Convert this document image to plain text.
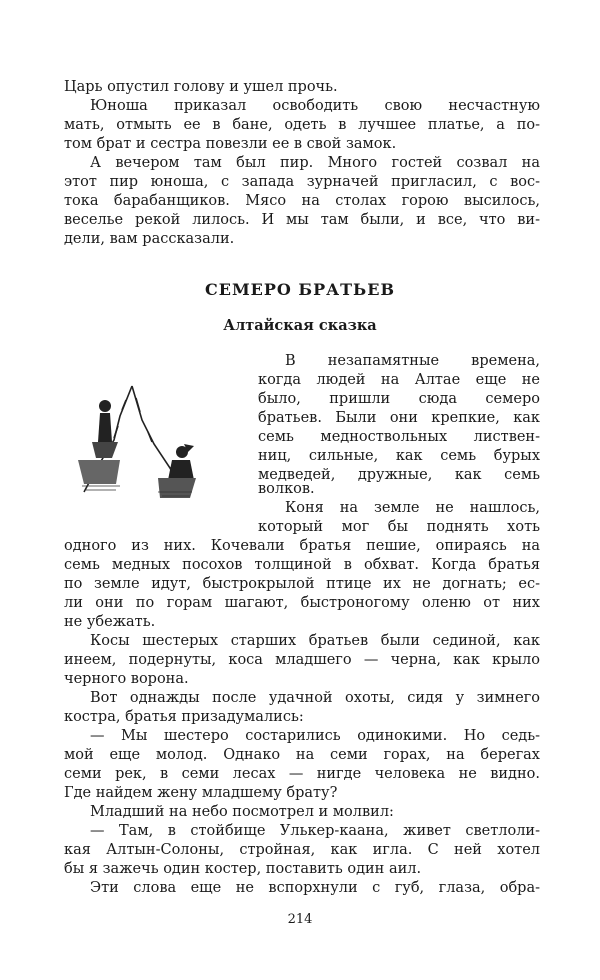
Царь опустил голову и ушел прочь.
Юноша приказал освободить свою несчастную
мать, отмыть ее в бане, одеть в лучшее платье, а по-
том брат и сестра повезли ее в свой замок.
А вечером там был пир. Много гостей созвал на
этот пир юноша, с запада зурначей пригласил, с вос-
тока барабанщиков. Мясо на столах горою высилось,
веселье рекой лилось. И мы там были, и все, что ви-
дели, вам рассказали.
СЕМЕРО БРАТЬЕВ
Алтайская сказка
В незапамятные времена,
когда людей на Алтае еще не
было, пришли сюда семеро
братьев. Были они крепкие, как
семь медноствольных листвен-
ниц, сильные, как семь бурых
медведей, дружные, как семь
волков.
Коня на земле не нашлось,
который мог бы поднять хоть
одного из них. Кочевали братья пешие, опираясь на
семь медных посохов толщиной в обхват. Когда братья
по земле идут, быстрокрылой птице их не догнать; ес-
ли они по горам шагают, быстроногому оленю от них
не убежать.
Косы шестерых старших братьев были сединой, как
инеем, подернуты, коса младшего — черна, как крыло
черного ворона.
Вот однажды после удачной охоты, сидя у зимнего
костра, братья призадумались:
— Мы шестеро состарились одинокими. Но седь-
мой еще молод. Однако на семи горах, на берегах
семи рек, в семи лесах — нигде человека не видно.
Где найдем жену младшему брату?
Младший на небо посмотрел и молвил:
— Там, в стойбище Улькер-каана, живет светлоли-
кая Алтын-Солоны, стройная, как игла. С ней хотел
бы я зажечь один костер, поставить один аил.
Эти слова еще не вспорхнули с губ, глаза, обра-
214
